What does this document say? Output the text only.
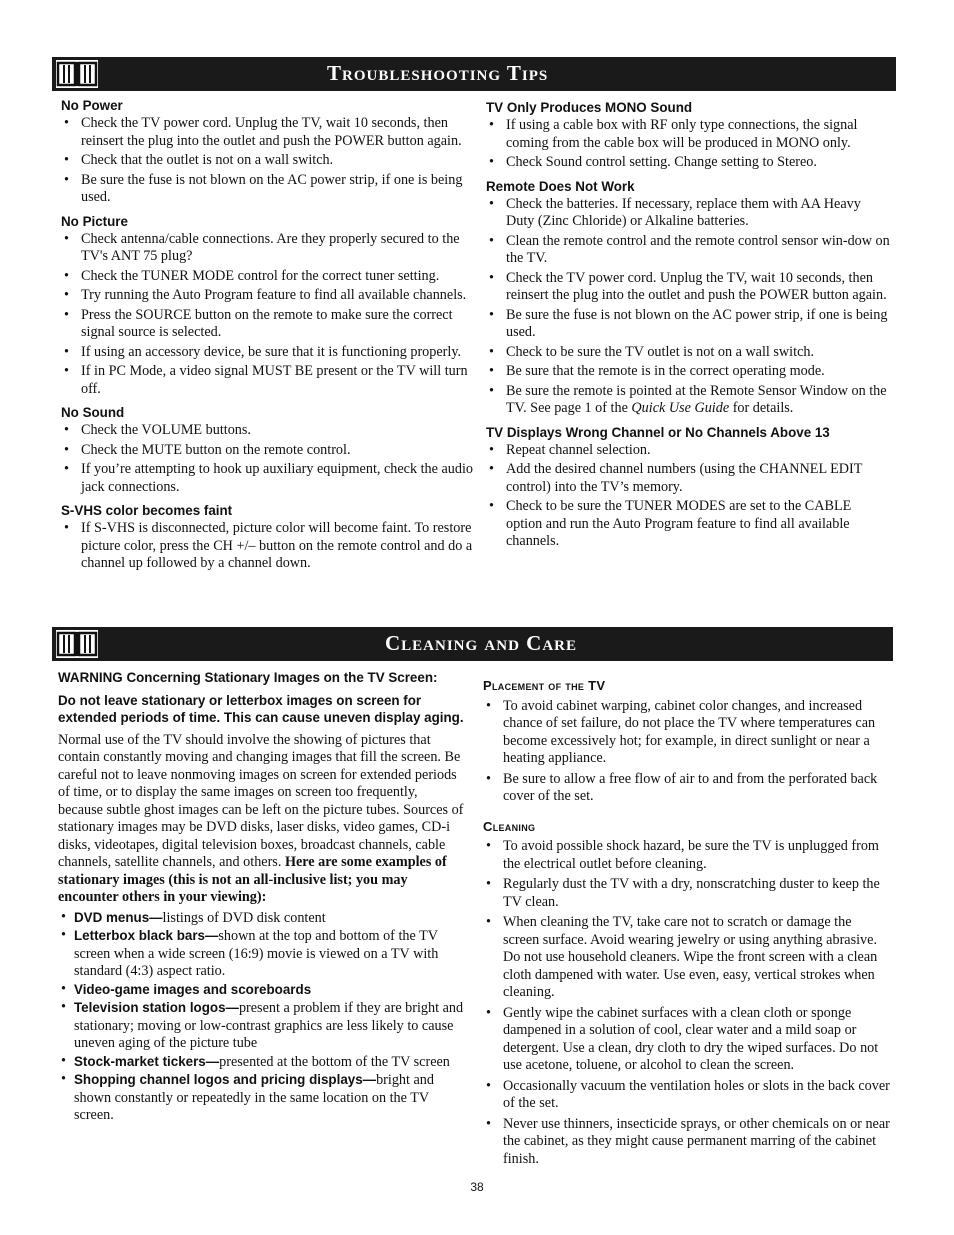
Troubleshooting Tips
No Power
• Check the TV power cord. Unplug the TV, wait 10 seconds, then reinsert the plug into the outlet and push the POWER button again.
• Check that the outlet is not on a wall switch.
• Be sure the fuse is not blown on the AC power strip, if one is being used.
No Picture
• Check antenna/cable connections. Are they properly secured to the TV's ANT 75 plug?
• Check the TUNER MODE control for the correct tuner setting.
• Try running the Auto Program feature to find all available channels.
• Press the SOURCE button on the remote to make sure the correct signal source is selected.
• If using an accessory device, be sure that it is functioning properly.
• If in PC Mode, a video signal MUST BE present or the TV will turn off.
No Sound
• Check the VOLUME buttons.
• Check the MUTE button on the remote control.
• If you’re attempting to hook up auxiliary equipment, check the audio jack connections.
S-VHS color becomes faint
• If S-VHS is disconnected, picture color will become faint. To restore picture color, press the CH +/– button on the remote control and do a channel up followed by a channel down.
TV Only Produces MONO Sound
• If using a cable box with RF only type connections, the signal coming from the cable box will be produced in MONO only.
• Check Sound control setting. Change setting to Stereo.
Remote Does Not Work
• Check the batteries. If necessary, replace them with AA Heavy Duty (Zinc Chloride) or Alkaline batteries.
• Clean the remote control and the remote control sensor win-dow on the TV.
• Check the TV power cord. Unplug the TV, wait 10 seconds, then reinsert the plug into the outlet and push the POWER button again.
• Be sure the fuse is not blown on the AC power strip, if one is being used.
• Check to be sure the TV outlet is not on a wall switch.
• Be sure that the remote is in the correct operating mode.
• Be sure the remote is pointed at the Remote Sensor Window on the TV. See page 1 of the Quick Use Guide for details.
TV Displays Wrong Channel or No Channels Above 13
• Repeat channel selection.
• Add the desired channel numbers (using the CHANNEL EDIT control) into the TV’s memory.
• Check to be sure the TUNER MODES are set to the CABLE option and run the Auto Program feature to find all available channels.
Cleaning and Care
WARNING Concerning Stationary Images on the TV Screen:
Do not leave stationary or letterbox images on screen for extended periods of time. This can cause uneven display aging.

Normal use of the TV should involve the showing of pictures that contain constantly moving and changing images that fill the screen. Be careful not to leave nonmoving images on screen for extended periods of time, or to display the same images on screen too frequently, because subtle ghost images can be left on the picture tubes. Sources of stationary images may be DVD disks, laser disks, video games, CD-i disks, videotapes, digital television boxes, broadcast channels, cable channels, satellite channels, and others. Here are some examples of stationary images (this is not an all-inclusive list; you may encounter others in your viewing):

• DVD menus—listings of DVD disk content
• Letterbox black bars—shown at the top and bottom of the TV screen when a wide screen (16:9) movie is viewed on a TV with standard (4:3) aspect ratio.
• Video-game images and scoreboards
• Television station logos—present a problem if they are bright and stationary; moving or low-contrast graphics are less likely to cause uneven aging of the picture tube
• Stock-market tickers—presented at the bottom of the TV screen
• Shopping channel logos and pricing displays—bright and shown constantly or repeatedly in the same location on the TV screen.
Placement of the TV
• To avoid cabinet warping, cabinet color changes, and increased chance of set failure, do not place the TV where temperatures can become excessively hot; for example, in direct sunlight or near a heating appliance.
• Be sure to allow a free flow of air to and from the perforated back cover of the set.
Cleaning
• To avoid possible shock hazard, be sure the TV is unplugged from the electrical outlet before cleaning.
• Regularly dust the TV with a dry, nonscratching duster to keep the TV clean.
• When cleaning the TV, take care not to scratch or damage the screen surface. Avoid wearing jewelry or using anything abrasive. Do not use household cleaners. Wipe the front screen with a clean cloth dampened with water. Use even, easy, vertical strokes when cleaning.
• Gently wipe the cabinet surfaces with a clean cloth or sponge dampened in a solution of cool, clear water and a mild soap or detergent. Use a clean, dry cloth to dry the wiped surfaces. Do not use acetone, toluene, or alcohol to clean the screen.
• Occasionally vacuum the ventilation holes or slots in the back cover of the set.
• Never use thinners, insecticide sprays, or other chemicals on or near the cabinet, as they might cause permanent marring of the cabinet finish.
38
